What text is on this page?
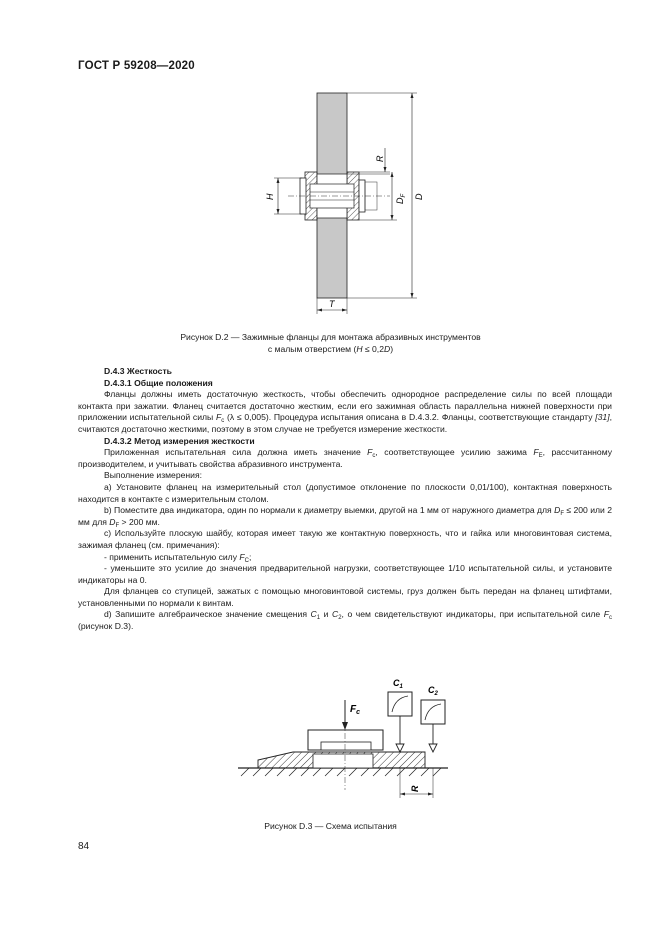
ГОСТ Р 59208—2020
H
R
$D_F$ D
T
Рисунок D.2 — Зажимные фланцы для монтажа абразивных инструментов
с малым отверстием (H ≤ 0,2D)

D.4.3 Жесткость

D.4.3.1 Общие положения

Фланцы должны иметь достаточную жесткость, чтобы обеспечить однородное распределение силы по всей площади контакта при зажатии. Фланец считается достаточно жестким, если его зажимная область параллельна нижней поверхности при приложении испытательной силы $F_c$ (λ ≤ 0,005). Процедура испытания описана в D.4.3.2. Фланцы, соответствующие стандарту [31], считаются достаточно жесткими, поэтому в этом случае не требуется измерение жесткости.

D.4.3.2 Метод измерения жесткости

Приложенная испытательная сила должна иметь значение $F_c$, соответствующее усилию зажима $F_E$, рассчитанному производителем, и учитывать свойства абразивного инструмента.

Выполнение измерения:

a) Установите фланец на измерительный стол (допустимое отклонение по плоскости 0,01/100), контактная поверхность находится в контакте с измерительным столом.

b) Поместите два индикатора, один по нормали к диаметру выемки, другой на 1 мм от наружного диаметра для $D_F \le 200$ или 2 мм для $D_F > 200$ мм.

c) Используйте плоскую шайбу, которая имеет такую же контактную поверхность, что и гайка или многовинтовая система, зажимая фланец (см. примечания):

- применить испытательную силу $F_C$;

- уменьшите это усилие до значения предварительной нагрузки, соответствующее 1/10 испытательной силы, и установите индикаторы на 0.

Для фланцев со ступицей, зажатых с помощью многовинтовой системы, груз должен быть передан на фланец штифтами, установленными по нормали к винтам.

d) Запишите алгебраическое значение смещения $C_1$ и $C_2$, о чем свидетельствуют индикаторы, при испытательной силе $F_c$ (рисунок D.3).

$F_c$
$C_1$	$C_2$
R
Рисунок D.3 — Схема испытания
84
